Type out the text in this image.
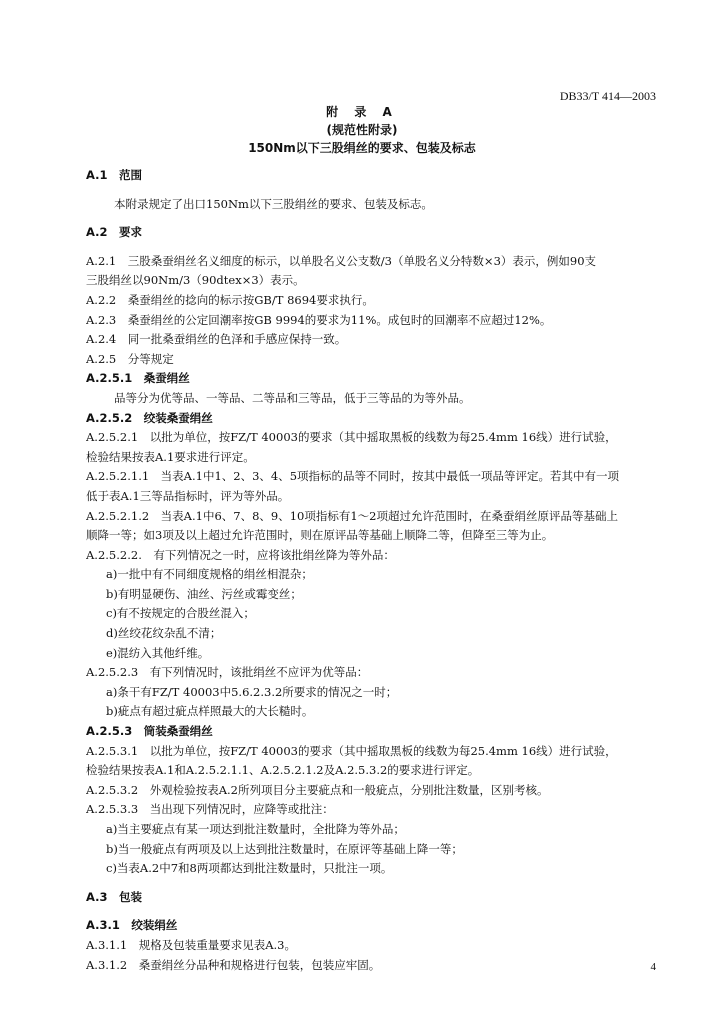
DB33/T 414—2003
附 录 A
(规范性附录)
150Nm以下三股绢丝的要求、包装及标志
A.1　范围
本附录规定了出口150Nm以下三股绢丝的要求、包装及标志。
A.2　要求
A.2.1　三股桑蚕绢丝名义细度的标示，以单股名义公支数/3（单股名义分特数×3）表示，例如90支
三股绢丝以90Nm/3（90dtex×3）表示。
A.2.2　桑蚕绢丝的捻向的标示按GB/T 8694要求执行。
A.2.3　桑蚕绢丝的公定回潮率按GB 9994的要求为11%。成包时的回潮率不应超过12%。
A.2.4　同一批桑蚕绢丝的色泽和手感应保持一致。
A.2.5　分等规定
A.2.5.1　桑蚕绢丝
品等分为优等品、一等品、二等品和三等品，低于三等品的为等外品。
A.2.5.2　绞装桑蚕绢丝
A.2.5.2.1　以批为单位，按FZ/T 40003的要求（其中摇取黑板的线数为每25.4mm 16线）进行试验，
检验结果按表A.1要求进行评定。
A.2.5.2.1.1　当表A.1中1、2、3、4、5项指标的品等不同时，按其中最低一项品等评定。若其中有一项
低于表A.1三等品指标时，评为等外品。
A.2.5.2.1.2　当表A.1中6、7、8、9、10项指标有1～2项超过允许范围时，在桑蚕绢丝原评品等基础上
顺降一等；如3项及以上超过允许范围时，则在原评品等基础上顺降二等，但降至三等为止。
A.2.5.2.2.　有下列情况之一时，应将该批绢丝降为等外品：
a)一批中有不同细度规格的绢丝相混杂；
b)有明显硬伤、油丝、污丝或霉变丝；
c)有不按规定的合股丝混入；
d)丝绞花纹杂乱不清；
e)混纺入其他纤维。
A.2.5.2.3　有下列情况时，该批绢丝不应评为优等品：
a)条干有FZ/T 40003中5.6.2.3.2所要求的情况之一时；
b)疵点有超过疵点样照最大的大长糙时。
A.2.5.3　筒装桑蚕绢丝
A.2.5.3.1　以批为单位，按FZ/T 40003的要求（其中摇取黑板的线数为每25.4mm 16线）进行试验，
检验结果按表A.1和A.2.5.2.1.1、A.2.5.2.1.2及A.2.5.3.2的要求进行评定。
A.2.5.3.2　外观检验按表A.2所列项目分主要疵点和一般疵点，分别批注数量，区别考核。
A.2.5.3.3　当出现下列情况时，应降等或批注：
a)当主要疵点有某一项达到批注数量时，全批降为等外品；
b)当一般疵点有两项及以上达到批注数量时，在原评等基础上降一等；
c)当表A.2中7和8两项都达到批注数量时，只批注一项。
A.3　包装
A.3.1　绞装绢丝
A.3.1.1　规格及包装重量要求见表A.3。
A.3.1.2　桑蚕绢丝分品种和规格进行包装，包装应牢固。	4
